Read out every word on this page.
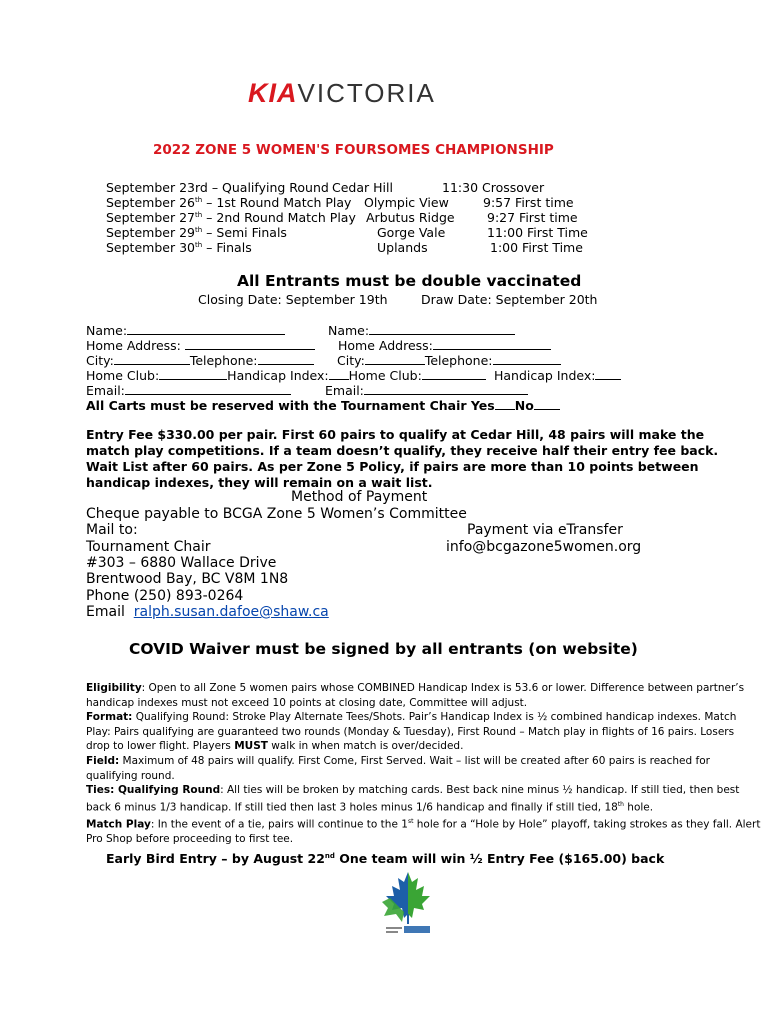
KIAVICTORIA
2022 ZONE 5 WOMEN'S FOURSOMES CHAMPIONSHIP
September 23rd – Qualifying Round Cedar Hill	11:30 Crossover
September 26th – 1st Round Match Play Olympic View	9:57 First time
September 27th – 2nd Round Match Play Arbutus Ridge	9:27 First time
September 29th – Semi Finals	Gorge Vale	11:00 First Time
September 30th – Finals	Uplands	1:00 First Time
All Entrants must be double vaccinated
Closing Date: September 19th	Draw Date: September 20th
Name:	Name:
Home Address:	Home Address:
City:	Telephone:	City:	Telephone:
Home Club:	Handicap Index: Home Club:	Handicap Index:
Email:	Email:
All Carts must be reserved with the Tournament Chair Yes No
Entry Fee $330.00 per pair. First 60 pairs to qualify at Cedar Hill, 48 pairs will make the match play competitions. If a team doesn’t qualify, they receive half their entry fee back. Wait List after 60 pairs. As per Zone 5 Policy, if pairs are more than 10 points between handicap indexes, they will remain on a wait list.
Method of Payment
Cheque payable to BCGA Zone 5 Women’s Committee
Mail to:	Payment via eTransfer
Tournament Chair	info@bcgazone5women.org
#303 – 6880 Wallace Drive
Brentwood Bay, BC V8M 1N8
Phone (250) 893-0264
Email ralph.susan.dafoe@shaw.ca
COVID Waiver must be signed by all entrants (on website)
Eligibility: Open to all Zone 5 women pairs whose COMBINED Handicap Index is 53.6 or lower. Difference between partner’s handicap indexes must not exceed 10 points at closing date, Committee will adjust.
Format: Qualifying Round: Stroke Play Alternate Tees/Shots. Pair’s Handicap Index is ½ combined handicap indexes. Match Play: Pairs qualifying are guaranteed two rounds (Monday & Tuesday), First Round – Match play in flights of 16 pairs. Losers drop to lower flight. Players MUST walk in when match is over/decided.
Field: Maximum of 48 pairs will qualify. First Come, First Served. Wait – list will be created after 60 pairs is reached for qualifying round.
Ties: Qualifying Round: All ties will be broken by matching cards. Best back nine minus ½ handicap. If still tied, then best back 6 minus 1/3 handicap. If still tied then last 3 holes minus 1/6 handicap and finally if still tied, 18th hole.
Match Play: In the event of a tie, pairs will continue to the 1st hole for a “Hole by Hole” playoff, taking strokes as they fall. Alert Pro Shop before proceeding to first tee.
Early Bird Entry – by August 22nd One team will win ½ Entry Fee ($165.00) back
